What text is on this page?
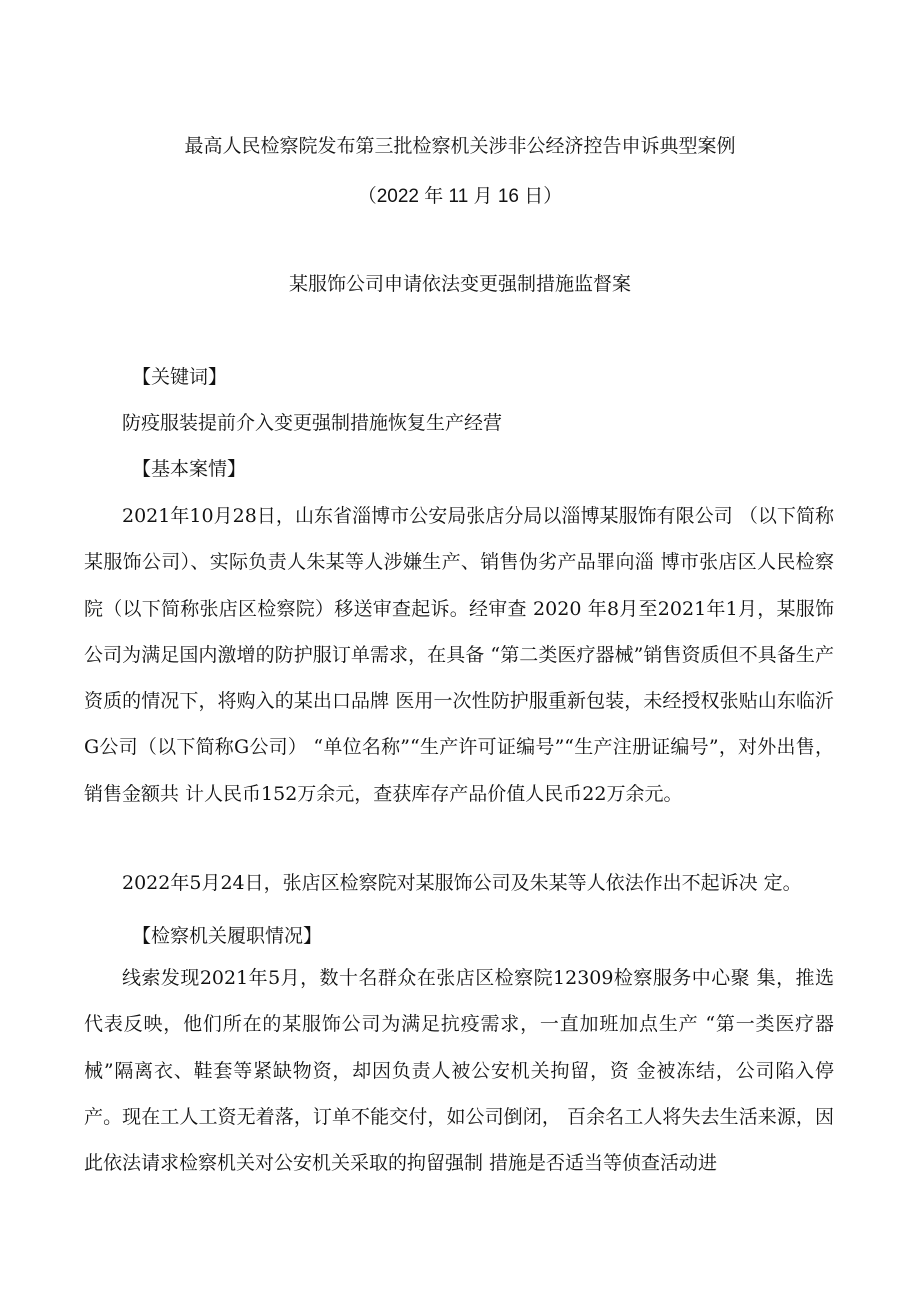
最高人民检察院发布第三批检察机关涉非公经济控告申诉典型案例
（2022 年 11 月 16 日）
某服饰公司申请依法变更强制措施监督案
【关键词】
防疫服装提前介入变更强制措施恢复生产经营
【基本案情】
2021年10月28日，山东省淄博市公安局张店分局以淄博某服饰有限公司 （以下简称某服饰公司）、实际负责人朱某等人涉嫌生产、销售伪劣产品罪向淄 博市张店区人民检察院（以下简称张店区检察院）移送审查起诉。经审查 2020 年8月至2021年1月，某服饰公司为满足国内激增的防护服订单需求，在具备 “第二类医疗器械”销售资质但不具备生产资质的情况下，将购入的某出口品牌 医用一次性防护服重新包装，未经授权张贴山东临沂G公司（以下简称G公司） “单位名称”“生产许可证编号”“生产注册证编号”，对外出售，销售金额共 计人民币152万余元，查获库存产品价值人民币22万余元。
2022年5月24日，张店区检察院对某服饰公司及朱某等人依法作出不起诉决 定。
【检察机关履职情况】
线索发现2021年5月，数十名群众在张店区检察院12309检察服务中心聚 集，推选代表反映，他们所在的某服饰公司为满足抗疫需求，一直加班加点生产 “第一类医疗器械”隔离衣、鞋套等紧缺物资，却因负责人被公安机关拘留，资 金被冻结，公司陷入停产。现在工人工资无着落，订单不能交付，如公司倒闭， 百余名工人将失去生活来源，因此依法请求检察机关对公安机关采取的拘留强制 措施是否适当等侦查活动进
